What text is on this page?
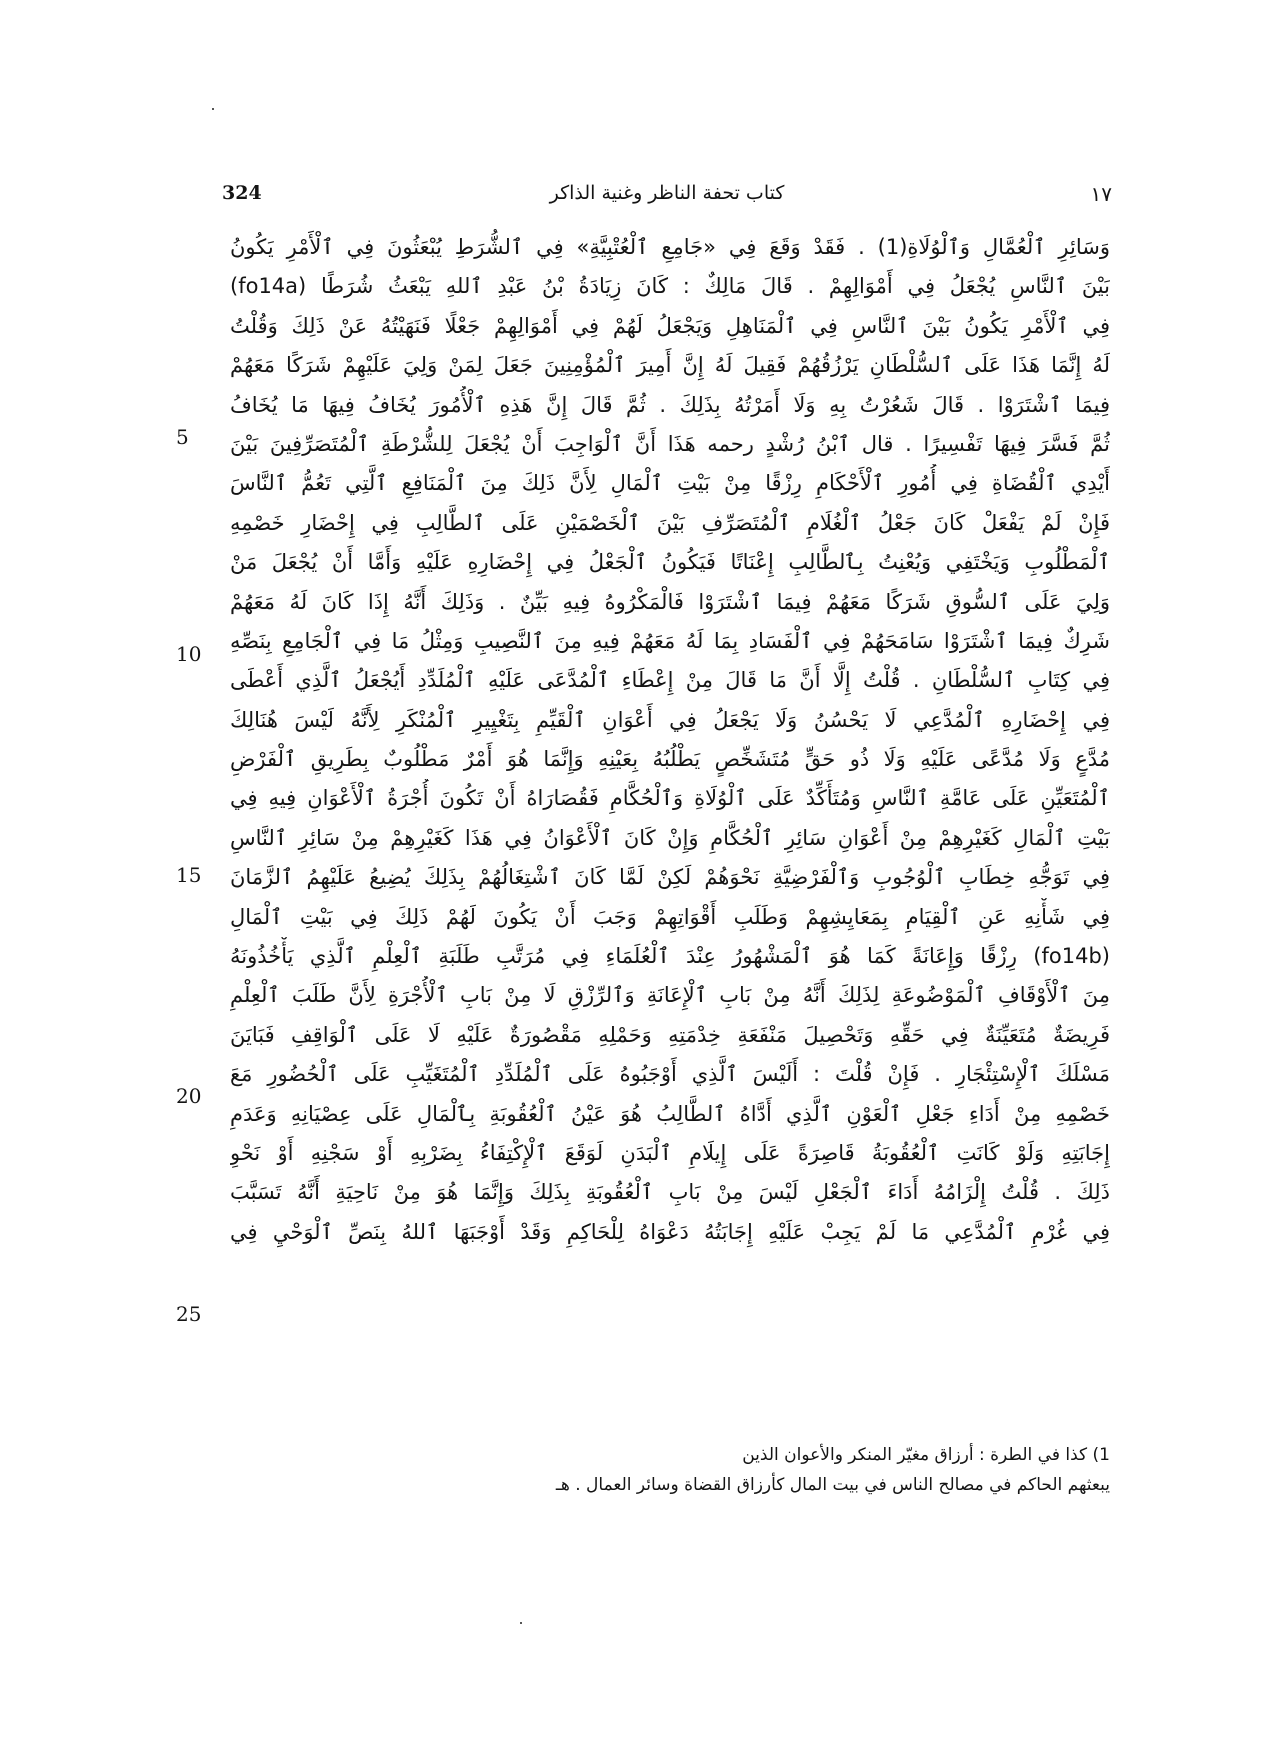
324	كتاب تحفة الناظر وغنية الذاكر	١٧
وَسَائِرِ ٱلْعُمَّالِ وَٱلْوُلَاةِ(1) . فَقَدْ وَقَعَ فِي «جَامِعِ ٱلْعُتْبِيَّةِ» فِي ٱلشُّرَطِ يُبْعَثُونَ فِي ٱلْأَمْرِ يَكُونُ
بَيْنَ ٱلنَّاسِ يُجْعَلُ فِي أَمْوَالِهِمْ . قَالَ مَالِكٌ : كَانَ زِيَادَةُ بْنُ عَبْدِ ٱللهِ يَبْعَثُ شُرَطًا (fo14a)
فِي ٱلْأَمْرِ يَكُونُ بَيْنَ ٱلنَّاسِ فِي ٱلْمَنَاهِلِ وَيَجْعَلُ لَهُمْ فِي أَمْوَالِهِمْ جَعْلًا فَنَهَيْتُهُ عَنْ ذَلِكَ وَقُلْتُ
لَهُ إِنَّمَا هَذَا عَلَى ٱلسُّلْطَانِ يَرْزُقُهُمْ فَقِيلَ لَهُ إِنَّ أَمِيرَ ٱلْمُؤْمِنِينَ جَعَلَ لِمَنْ وَلِيَ عَلَيْهِمْ شَرَكًا مَعَهُمْ
فِيمَا ٱشْتَرَوْا . قَالَ شَعُرْتُ بِهِ وَلَا أَمَرْتُهُ بِذَلِكَ . ثُمَّ قَالَ إِنَّ هَذِهِ ٱلْأُمُورَ يُخَافُ فِيهَا مَا يُخَافُ
ثُمَّ فَسَّرَ فِيهَا تَفْسِيرًا . قال ٱبْنُ رُشْدٍ رحمه هَذَا أَنَّ ٱلْوَاجِبَ أَنْ يُجْعَلَ لِلشُّرْطَةِ ٱلْمُتَصَرِّفِينَ بَيْنَ
أَيْدِي ٱلْقُضَاةِ فِي أُمُورِ ٱلْأَحْكَامِ رِزْقًا مِنْ بَيْتِ ٱلْمَالِ لِأَنَّ ذَلِكَ مِنَ ٱلْمَنَافِعِ ٱلَّتِي تَعُمُّ ٱلنَّاسَ
فَإِنْ لَمْ يَفْعَلْ كَانَ جَعْلُ ٱلْغُلَامِ ٱلْمُتَصَرِّفِ بَيْنَ ٱلْخَصْمَيْنِ عَلَى ٱلطَّالِبِ فِي إِحْضَارِ خَصْمِهِ
ٱلْمَطْلُوبِ وَيَخْتَفِي وَيُعْنِتُ بِٱلطَّالِبِ إِعْنَاتًا فَيَكُونُ ٱلْجَعْلُ فِي إِحْضَارِهِ عَلَيْهِ وَأَمَّا أَنْ يُجْعَلَ مَنْ
وَلِيَ عَلَى ٱلسُّوقِ شَرَكًا مَعَهُمْ فِيمَا ٱشْتَرَوْا فَالْمَكْرُوهُ فِيهِ بَيِّنٌ . وَذَلِكَ أَنَّهُ إِذَا كَانَ لَهُ مَعَهُمْ
شَرِكٌ فِيمَا ٱشْتَرَوْا سَامَحَهُمْ فِي ٱلْفَسَادِ بِمَا لَهُ مَعَهُمْ فِيهِ مِنَ ٱلنَّصِيبِ وَمِثْلُ مَا فِي ٱلْجَامِعِ بِنَصِّهِ
فِي كِتَابِ ٱلسُّلْطَانِ . قُلْتُ إِلَّا أَنَّ مَا قَالَ مِنْ إِعْطَاءِ ٱلْمُدَّعَى عَلَيْهِ ٱلْمُلَدِّدِ أَيُجْعَلُ ٱلَّذِي أَعْطَى
فِي إِحْضَارِهِ ٱلْمُدَّعِي لَا يَحْسُنُ وَلَا يَجْعَلُ فِي أَعْوَانِ ٱلْقَيِّمِ بِتَغْيِيرِ ٱلْمُنْكَرِ لِأَنَّهُ لَيْسَ هُنَالِكَ
مُدَّعٍ وَلَا مُدَّعًى عَلَيْهِ وَلَا ذُو حَقٍّ مُتَشَخِّصٍ يَطْلُبُهُ بِعَيْنِهِ وَإِنَّمَا هُوَ أَمْرٌ مَطْلُوبٌ بِطَرِيقِ ٱلْفَرْضِ
ٱلْمُتَعَيِّنِ عَلَى عَامَّةِ ٱلنَّاسِ وَمُتَأَكِّدٌ عَلَى ٱلْوُلَاةِ وَٱلْحُكَّامِ فَقُصَارَاهُ أَنْ تَكُونَ أُجْرَةُ ٱلْأَعْوَانِ فِيهِ فِي
بَيْتِ ٱلْمَالِ كَغَيْرِهِمْ مِنْ أَعْوَانِ سَائِرِ ٱلْحُكَّامِ وَإِنْ كَانَ ٱلْأَعْوَانُ فِي هَذَا كَغَيْرِهِمْ مِنْ سَائِرِ ٱلنَّاسِ
فِي تَوَجُّهِ خِطَابِ ٱلْوُجُوبِ وَٱلْفَرْضِيَّةِ نَحْوَهُمْ لَكِنْ لَمَّا كَانَ ٱشْتِغَالُهُمْ بِذَلِكَ يُضِيعُ عَلَيْهِمُ ٱلزَّمَانَ
فِي شَأْنِهِ عَنِ ٱلْقِيَامِ بِمَعَايِشِهِمْ وَطَلَبِ أَقْوَاتِهِمْ وَجَبَ أَنْ يَكُونَ لَهُمْ ذَلِكَ فِي بَيْتِ ٱلْمَالِ
(fo14b) رِزْقًا وَإِعَانَةً كَمَا هُوَ ٱلْمَشْهُورُ عِنْدَ ٱلْعُلَمَاءِ فِي مُرَتَّبِ طَلَبَةِ ٱلْعِلْمِ ٱلَّذِي يَأْخُذُونَهُ
مِنَ ٱلْأَوْقَافِ ٱلْمَوْضُوعَةِ لِذَلِكَ أَنَّهُ مِنْ بَابِ ٱلْإِعَانَةِ وَٱلرِّزْقِ لَا مِنْ بَابِ ٱلْأُجْرَةِ لِأَنَّ طَلَبَ ٱلْعِلْمِ
فَرِيضَةٌ مُتَعَيِّنَةٌ فِي حَقِّهِ وَتَحْصِيلَ مَنْفَعَةِ خِدْمَتِهِ وَحَمْلِهِ مَقْصُورَةٌ عَلَيْهِ لَا عَلَى ٱلْوَاقِفِ فَبَايَنَ
مَسْلَكَ ٱلْإِسْتِئْجَارِ . فَإِنْ قُلْتَ : أَلَيْسَ ٱلَّذِي أَوْجَبُوهُ عَلَى ٱلْمُلَدِّدِ ٱلْمُتَغَيِّبِ عَلَى ٱلْحُضُورِ مَعَ
خَصْمِهِ مِنْ أَدَاءِ جَعْلِ ٱلْعَوْنِ ٱلَّذِي أَدَّاهُ ٱلطَّالِبُ هُوَ عَيْنُ ٱلْعُقُوبَةِ بِٱلْمَالِ عَلَى عِصْيَانِهِ وَعَدَمِ
إِجَابَتِهِ وَلَوْ كَانَتِ ٱلْعُقُوبَةُ قَاصِرَةً عَلَى إِيلَامِ ٱلْبَدَنِ لَوَقَعَ ٱلْإِكْتِفَاءُ بِضَرْبِهِ أَوْ سَجْنِهِ أَوْ نَحْوِ
ذَلِكَ . قُلْتُ إِلْزَامُهُ أَدَاءَ ٱلْجَعْلِ لَيْسَ مِنْ بَابِ ٱلْعُقُوبَةِ بِذَلِكَ وَإِنَّمَا هُوَ مِنْ نَاحِيَةِ أَنَّهُ تَسَبَّبَ
فِي غُرْمِ ٱلْمُدَّعِي مَا لَمْ يَجِبْ عَلَيْهِ إِجَابَتُهُ دَعْوَاهُ لِلْحَاكِمِ وَقَدْ أَوْجَبَهَا ٱللهُ بِنَصِّ ٱلْوَحْيِ فِي
5
10
15
20
25
1) كذا في الطرة : أرزاق مغيّر المنكر والأعوان الذين
يبعثهم الحاكم في مصالح الناس في بيت المال كأرزاق القضاة وسائر العمال . هـ
